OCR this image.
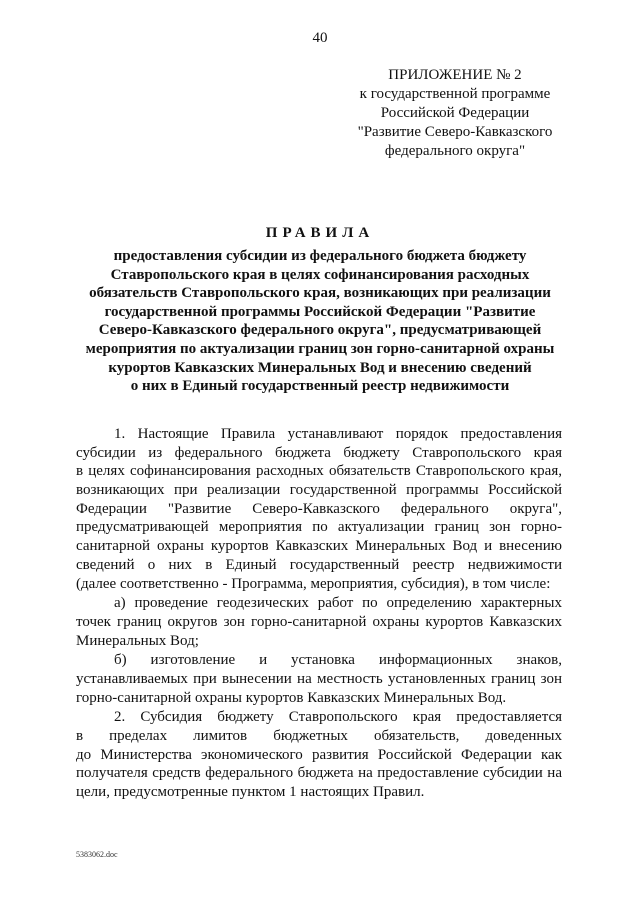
40
ПРИЛОЖЕНИЕ № 2
к государственной программе
Российской Федерации
"Развитие Северо-Кавказского
федерального округа"
ПРАВИЛА
предоставления субсидии из федерального бюджета бюджету
Ставропольского края в целях софинансирования расходных
обязательств Ставропольского края, возникающих при реализации
государственной программы Российской Федерации "Развитие
Северо-Кавказского федерального округа", предусматривающей
мероприятия по актуализации границ зон горно-санитарной охраны
курортов Кавказских Минеральных Вод и внесению сведений
о них в Единый государственный реестр недвижимости
1. Настоящие Правила устанавливают порядок предоставления
субсидии из федерального бюджета бюджету Ставропольского края
в целях софинансирования расходных обязательств Ставропольского края,
возникающих при реализации государственной программы Российской
Федерации "Развитие Северо-Кавказского федерального округа",
предусматривающей мероприятия по актуализации границ зон горно-
санитарной охраны курортов Кавказских Минеральных Вод и внесению
сведений о них в Единый государственный реестр недвижимости
(далее соответственно - Программа, мероприятия, субсидия), в том числе:
а) проведение геодезических работ по определению характерных
точек границ округов зон горно-санитарной охраны курортов Кавказских
Минеральных Вод;
б) изготовление и установка информационных знаков,
устанавливаемых при вынесении на местность установленных границ зон
горно-санитарной охраны курортов Кавказских Минеральных Вод.
2. Субсидия бюджету Ставропольского края предоставляется
в пределах лимитов бюджетных обязательств, доведенных
до Министерства экономического развития Российской Федерации как
получателя средств федерального бюджета на предоставление субсидии на
цели, предусмотренные пунктом 1 настоящих Правил.
5383062.doc
